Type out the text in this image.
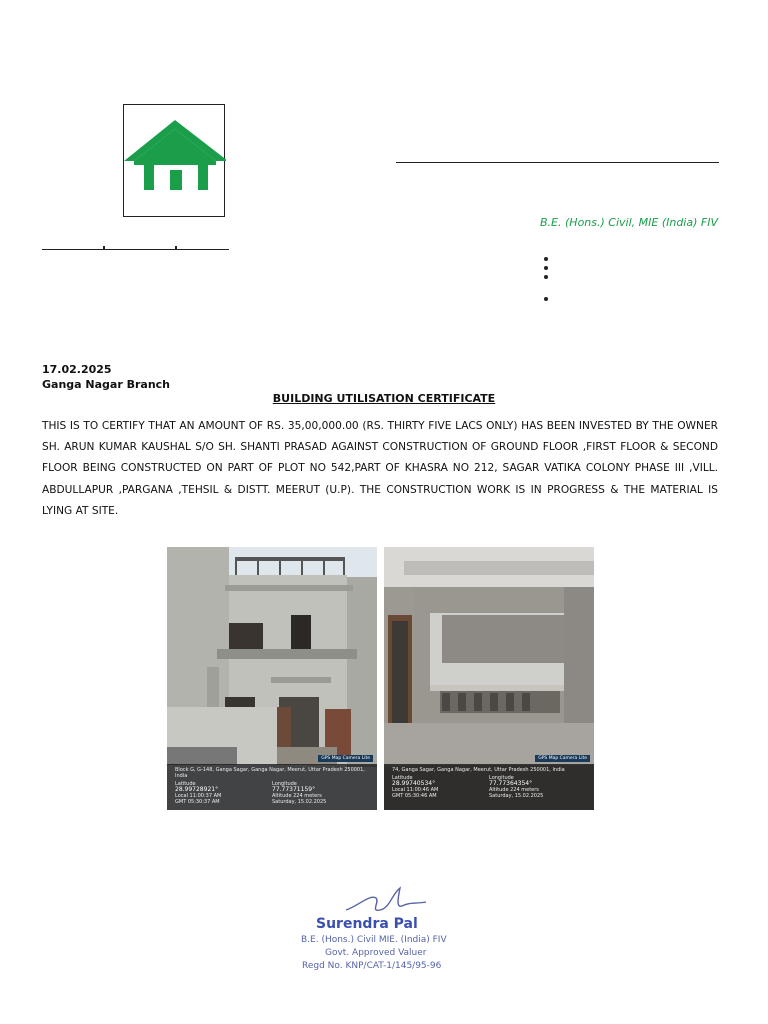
B.E. (Hons.) Civil, MIE (India) FIV
17.02.2025
Ganga Nagar Branch
BUILDING UTILISATION CERTIFICATE
THIS IS TO CERTIFY THAT AN AMOUNT OF RS. 35,00,000.00 (RS. THIRTY FIVE LACS ONLY) HAS BEEN INVESTED BY THE OWNER SH. ARUN KUMAR KAUSHAL S/O SH. SHANTI PRASAD AGAINST CONSTRUCTION OF GROUND FLOOR ,FIRST FLOOR & SECOND FLOOR BEING CONSTRUCTED ON PART OF PLOT NO 542,PART OF KHASRA NO 212, SAGAR VATIKA COLONY PHASE III ,VILL. ABDULLAPUR ,PARGANA ,TEHSIL & DISTT. MEERUT (U.P). THE CONSTRUCTION WORK IS IN PROGRESS & THE MATERIAL IS LYING AT SITE.
GPS Map Camera Lite
Block G, G-148, Ganga Sagar, Ganga Nagar, Meerut, Uttar Pradesh 250001, India
Latitude
28.99728921°
Local 11:00:37 AM
GMT 05:30:37 AM
Longitude
77.77371159°
Altitude 224 meters
Saturday, 15.02.2025
GPS Map Camera Lite
74, Ganga Sagar, Ganga Nagar, Meerut, Uttar Pradesh 250001, India
Latitude
28.99740534°
Local 11:00:46 AM
GMT 05:30:46 AM
Longitude
77.77364354°
Altitude 224 meters
Saturday, 15.02.2025
Surendra Pal
B.E. (Hons.) Civil MIE. (India) FIV
Govt. Approved Valuer
Regd No. KNP/CAT-1/145/95-96
